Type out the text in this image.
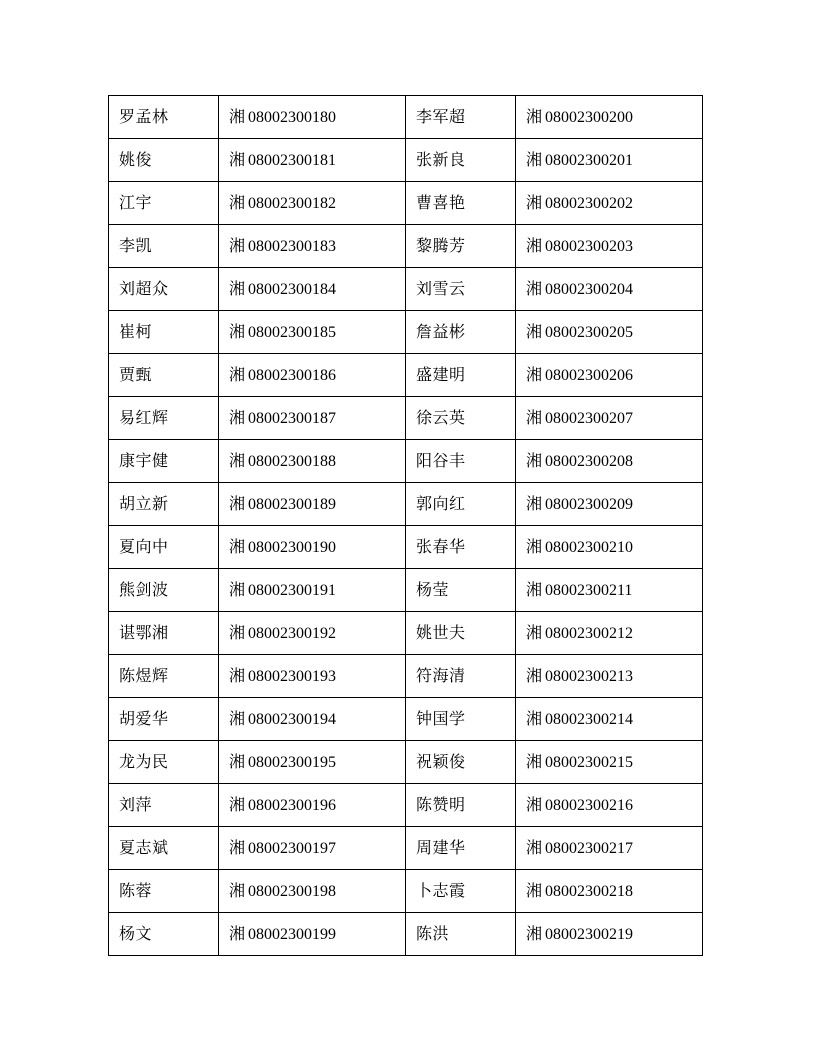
罗孟林	湘 08002300180	李军超	湘 08002300200
姚俊	湘 08002300181	张新良	湘 08002300201
江宇	湘 08002300182	曹喜艳	湘 08002300202
李凯	湘 08002300183	黎腾芳	湘 08002300203
刘超众	湘 08002300184	刘雪云	湘 08002300204
崔柯	湘 08002300185	詹益彬	湘 08002300205
贾甄	湘 08002300186	盛建明	湘 08002300206
易红辉	湘 08002300187	徐云英	湘 08002300207
康宇健	湘 08002300188	阳谷丰	湘 08002300208
胡立新	湘 08002300189	郭向红	湘 08002300209
夏向中	湘 08002300190	张春华	湘 08002300210
熊剑波	湘 08002300191	杨莹	湘 08002300211
谌鄂湘	湘 08002300192	姚世夫	湘 08002300212
陈煜辉	湘 08002300193	符海清	湘 08002300213
胡爱华	湘 08002300194	钟国学	湘 08002300214
龙为民	湘 08002300195	祝颖俊	湘 08002300215
刘萍	湘 08002300196	陈赞明	湘 08002300216
夏志斌	湘 08002300197	周建华	湘 08002300217
陈蓉	湘 08002300198	卜志霞	湘 08002300218
杨文	湘 08002300199	陈洪	湘 08002300219
